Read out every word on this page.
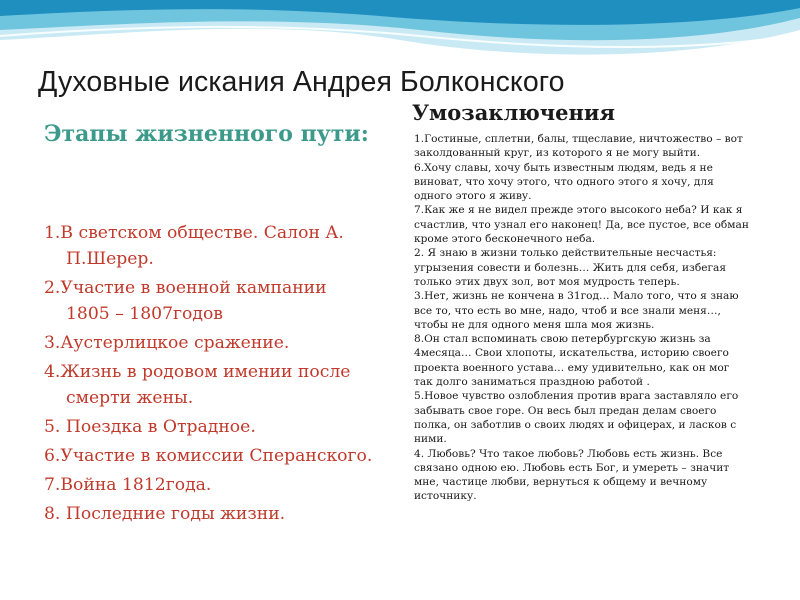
Духовные искания Андрея Болконского
Этапы жизненного пути:
Умозаключения
1.В светском обществе. Салон А. П.Шерер.
2.Участие в военной кампании 1805 – 1807годов
3.Аустерлицкое сражение.
4.Жизнь в родовом имении после смерти жены.
5. Поездка в Отрадное.
6.Участие в комиссии Сперанского.
7.Война 1812года.
8. Последние годы жизни.
1.Гостиные, сплетни, балы, тщеславие, ничтожество – вот заколдованный круг, из которого я не могу выйти.
6.Хочу славы, хочу быть известным людям, ведь я не виноват, что хочу этого, что одного этого я хочу, для одного этого я живу.
7.Как же я не видел прежде этого высокого неба? И как я счастлив, что узнал его наконец! Да, все пустое, все обман кроме этого бесконечного неба.
2. Я знаю в жизни только действительные несчастья: угрызения совести и болезнь… Жить для себя, избегая только этих двух зол, вот моя мудрость теперь.
3.Нет, жизнь не кончена в 31год… Мало того, что я знаю все то, что есть во мне, надо, чтоб и все знали меня…, чтобы не для одного меня шла моя жизнь.
8.Он стал вспоминать свою петербургскую жизнь за 4месяца… Свои хлопоты, искательства, историю своего проекта военного устава… ему удивительно, как он мог так долго заниматься праздною работой .
5.Новое чувство озлобления против врага заставляло его забывать свое горе. Он весь был предан делам своего полка, он заботлив о своих людях и офицерах, и ласков с ними.
4. Любовь? Что такое любовь? Любовь есть жизнь. Все связано одною ею. Любовь есть Бог, и умереть – значит мне, частице любви, вернуться к общему и вечному источнику.
